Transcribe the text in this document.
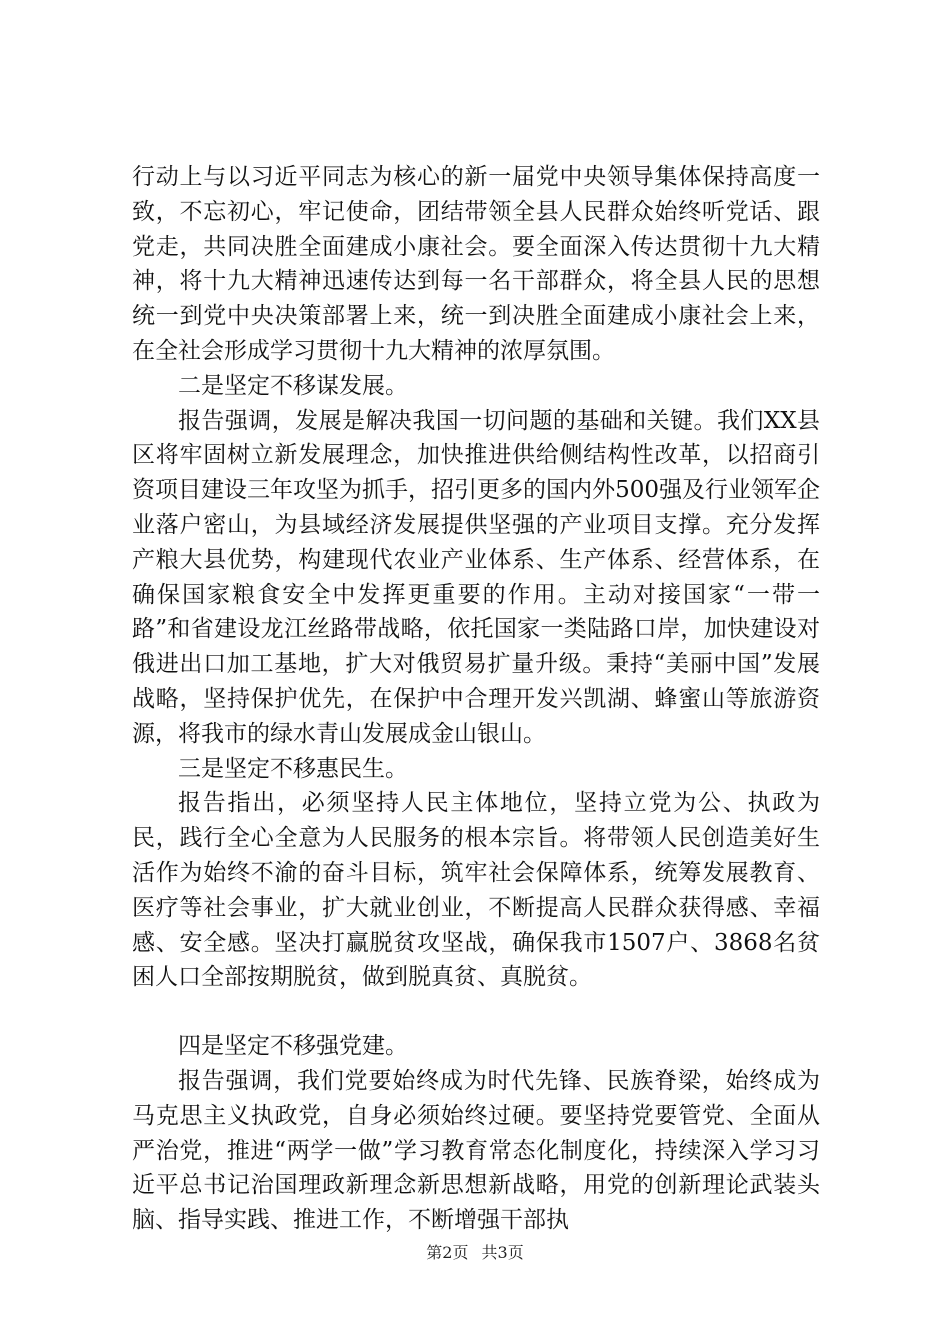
行动上与以习近平同志为核心的新一届党中央领导集体保持高度一致，不忘初心，牢记使命，团结带领全县人民群众始终听党话、跟党走，共同决胜全面建成小康社会。要全面深入传达贯彻十九大精神，将十九大精神迅速传达到每一名干部群众，将全县人民的思想统一到党中央决策部署上来，统一到决胜全面建成小康社会上来，在全社会形成学习贯彻十九大精神的浓厚氛围。

二是坚定不移谋发展。

报告强调，发展是解决我国一切问题的基础和关键。我们XX县区将牢固树立新发展理念，加快推进供给侧结构性改革，以招商引资项目建设三年攻坚为抓手，招引更多的国内外500强及行业领军企业落户密山，为县域经济发展提供坚强的产业项目支撑。充分发挥产粮大县优势，构建现代农业产业体系、生产体系、经营体系，在确保国家粮食安全中发挥更重要的作用。主动对接国家“一带一路”和省建设龙江丝路带战略，依托国家一类陆路口岸，加快建设对俄进出口加工基地，扩大对俄贸易扩量升级。秉持“美丽中国”发展战略，坚持保护优先，在保护中合理开发兴凯湖、蜂蜜山等旅游资源，将我市的绿水青山发展成金山银山。

三是坚定不移惠民生。

报告指出，必须坚持人民主体地位，坚持立党为公、执政为民，践行全心全意为人民服务的根本宗旨。将带领人民创造美好生活作为始终不渝的奋斗目标，筑牢社会保障体系，统筹发展教育、医疗等社会事业，扩大就业创业，不断提高人民群众获得感、幸福感、安全感。坚决打赢脱贫攻坚战，确保我市1507户、3868名贫困人口全部按期脱贫，做到脱真贫、真脱贫。

四是坚定不移强党建。

报告强调，我们党要始终成为时代先锋、民族脊梁，始终成为马克思主义执政党，自身必须始终过硬。要坚持党要管党、全面从严治党，推进“两学一做”学习教育常态化制度化，持续深入学习习近平总书记治国理政新理念新思想新战略，用党的创新理论武装头脑、指导实践、推进工作，不断增强干部执

第2页 共3页
